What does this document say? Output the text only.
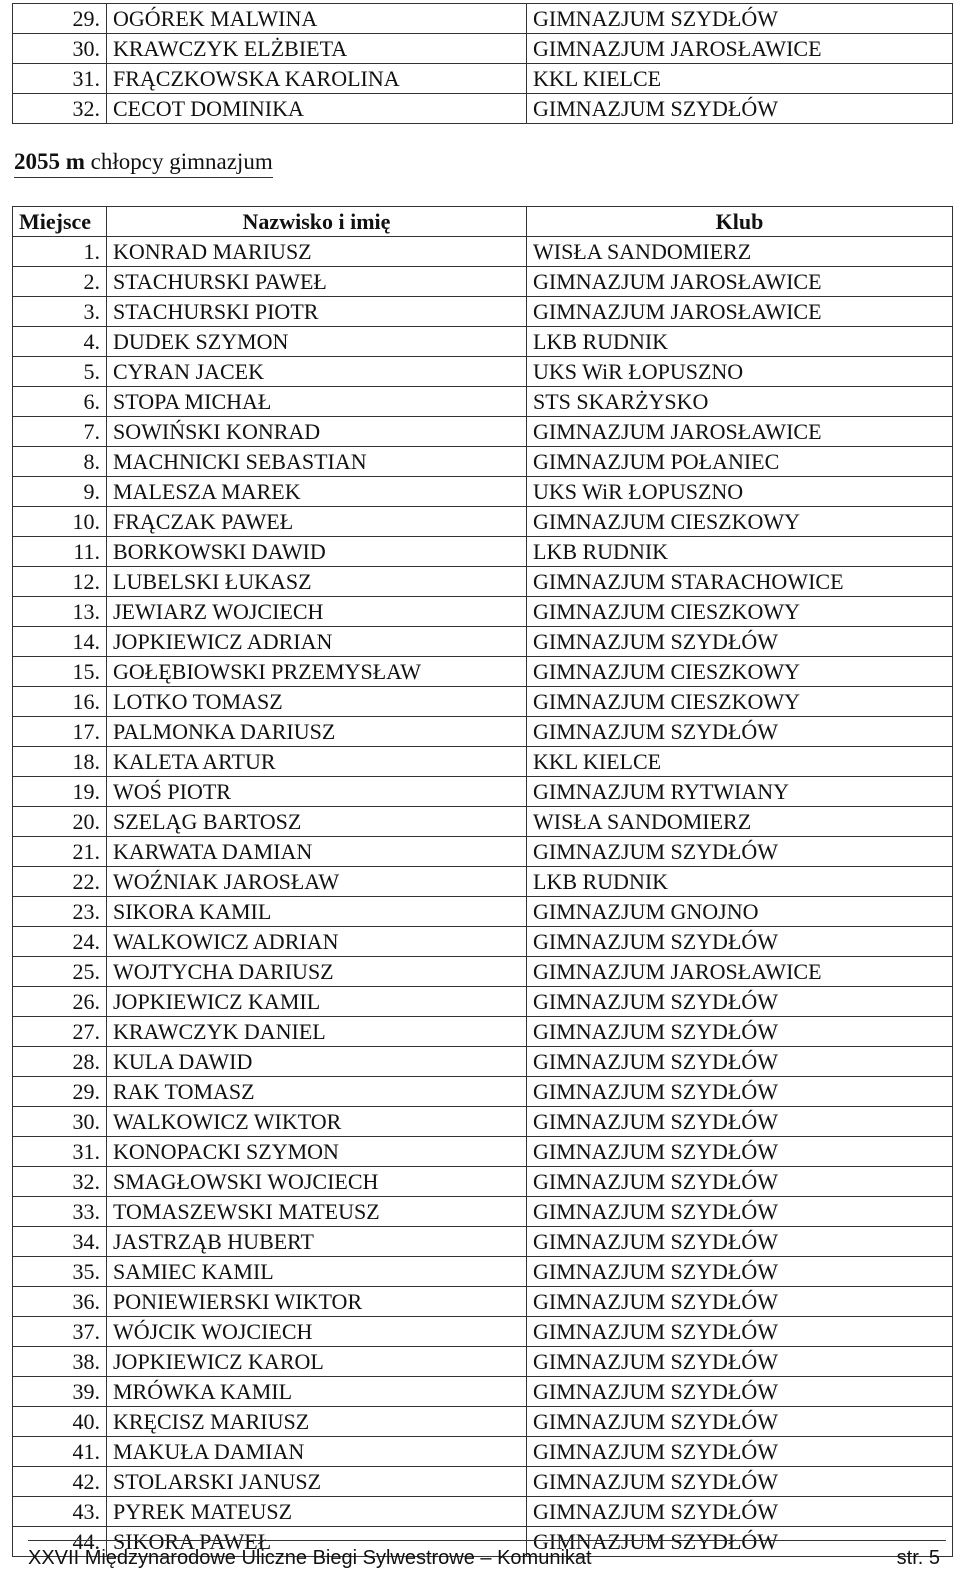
29.	OGÓREK MALWINA	GIMNAZJUM SZYDŁÓW
30.	KRAWCZYK ELŻBIETA	GIMNAZJUM JAROSŁAWICE
31.	FRĄCZKOWSKA KAROLINA	KKL KIELCE
32.	CECOT DOMINIKA	GIMNAZJUM SZYDŁÓW
2055 m chłopcy gimnazjum
Miejsce	Nazwisko i imię	Klub
1.	KONRAD MARIUSZ	WISŁA SANDOMIERZ
2.	STACHURSKI PAWEŁ	GIMNAZJUM JAROSŁAWICE
3.	STACHURSKI PIOTR	GIMNAZJUM JAROSŁAWICE
4.	DUDEK SZYMON	LKB RUDNIK
5.	CYRAN JACEK	UKS WiR ŁOPUSZNO
6.	STOPA MICHAŁ	STS SKARŻYSKO
7.	SOWIŃSKI KONRAD	GIMNAZJUM JAROSŁAWICE
8.	MACHNICKI SEBASTIAN	GIMNAZJUM POŁANIEC
9.	MALESZA MAREK	UKS WiR ŁOPUSZNO
10.	FRĄCZAK PAWEŁ	GIMNAZJUM CIESZKOWY
11.	BORKOWSKI DAWID	LKB RUDNIK
12.	LUBELSKI ŁUKASZ	GIMNAZJUM STARACHOWICE
13.	JEWIARZ WOJCIECH	GIMNAZJUM CIESZKOWY
14.	JOPKIEWICZ ADRIAN	GIMNAZJUM SZYDŁÓW
15.	GOŁĘBIOWSKI PRZEMYSŁAW	GIMNAZJUM CIESZKOWY
16.	LOTKO TOMASZ	GIMNAZJUM CIESZKOWY
17.	PALMONKA DARIUSZ	GIMNAZJUM SZYDŁÓW
18.	KALETA ARTUR	KKL KIELCE
19.	WOŚ PIOTR	GIMNAZJUM RYTWIANY
20.	SZELĄG BARTOSZ	WISŁA SANDOMIERZ
21.	KARWATA DAMIAN	GIMNAZJUM SZYDŁÓW
22.	WOŹNIAK JAROSŁAW	LKB RUDNIK
23.	SIKORA KAMIL	GIMNAZJUM GNOJNO
24.	WALKOWICZ ADRIAN	GIMNAZJUM SZYDŁÓW
25.	WOJTYCHA DARIUSZ	GIMNAZJUM JAROSŁAWICE
26.	JOPKIEWICZ KAMIL	GIMNAZJUM SZYDŁÓW
27.	KRAWCZYK DANIEL	GIMNAZJUM SZYDŁÓW
28.	KULA DAWID	GIMNAZJUM SZYDŁÓW
29.	RAK TOMASZ	GIMNAZJUM SZYDŁÓW
30.	WALKOWICZ WIKTOR	GIMNAZJUM SZYDŁÓW
31.	KONOPACKI SZYMON	GIMNAZJUM SZYDŁÓW
32.	SMAGŁOWSKI WOJCIECH	GIMNAZJUM SZYDŁÓW
33.	TOMASZEWSKI MATEUSZ	GIMNAZJUM SZYDŁÓW
34.	JASTRZĄB HUBERT	GIMNAZJUM SZYDŁÓW
35.	SAMIEC KAMIL	GIMNAZJUM SZYDŁÓW
36.	PONIEWIERSKI WIKTOR	GIMNAZJUM SZYDŁÓW
37.	WÓJCIK WOJCIECH	GIMNAZJUM SZYDŁÓW
38.	JOPKIEWICZ KAROL	GIMNAZJUM SZYDŁÓW
39.	MRÓWKA KAMIL	GIMNAZJUM SZYDŁÓW
40.	KRĘCISZ MARIUSZ	GIMNAZJUM SZYDŁÓW
41.	MAKUŁA DAMIAN	GIMNAZJUM SZYDŁÓW
42.	STOLARSKI JANUSZ	GIMNAZJUM SZYDŁÓW
43.	PYREK MATEUSZ	GIMNAZJUM SZYDŁÓW
44.	SIKORA PAWEŁ	GIMNAZJUM SZYDŁÓW
XXVII Międzynarodowe Uliczne Biegi Sylwestrowe – Komunikat	str. 5
